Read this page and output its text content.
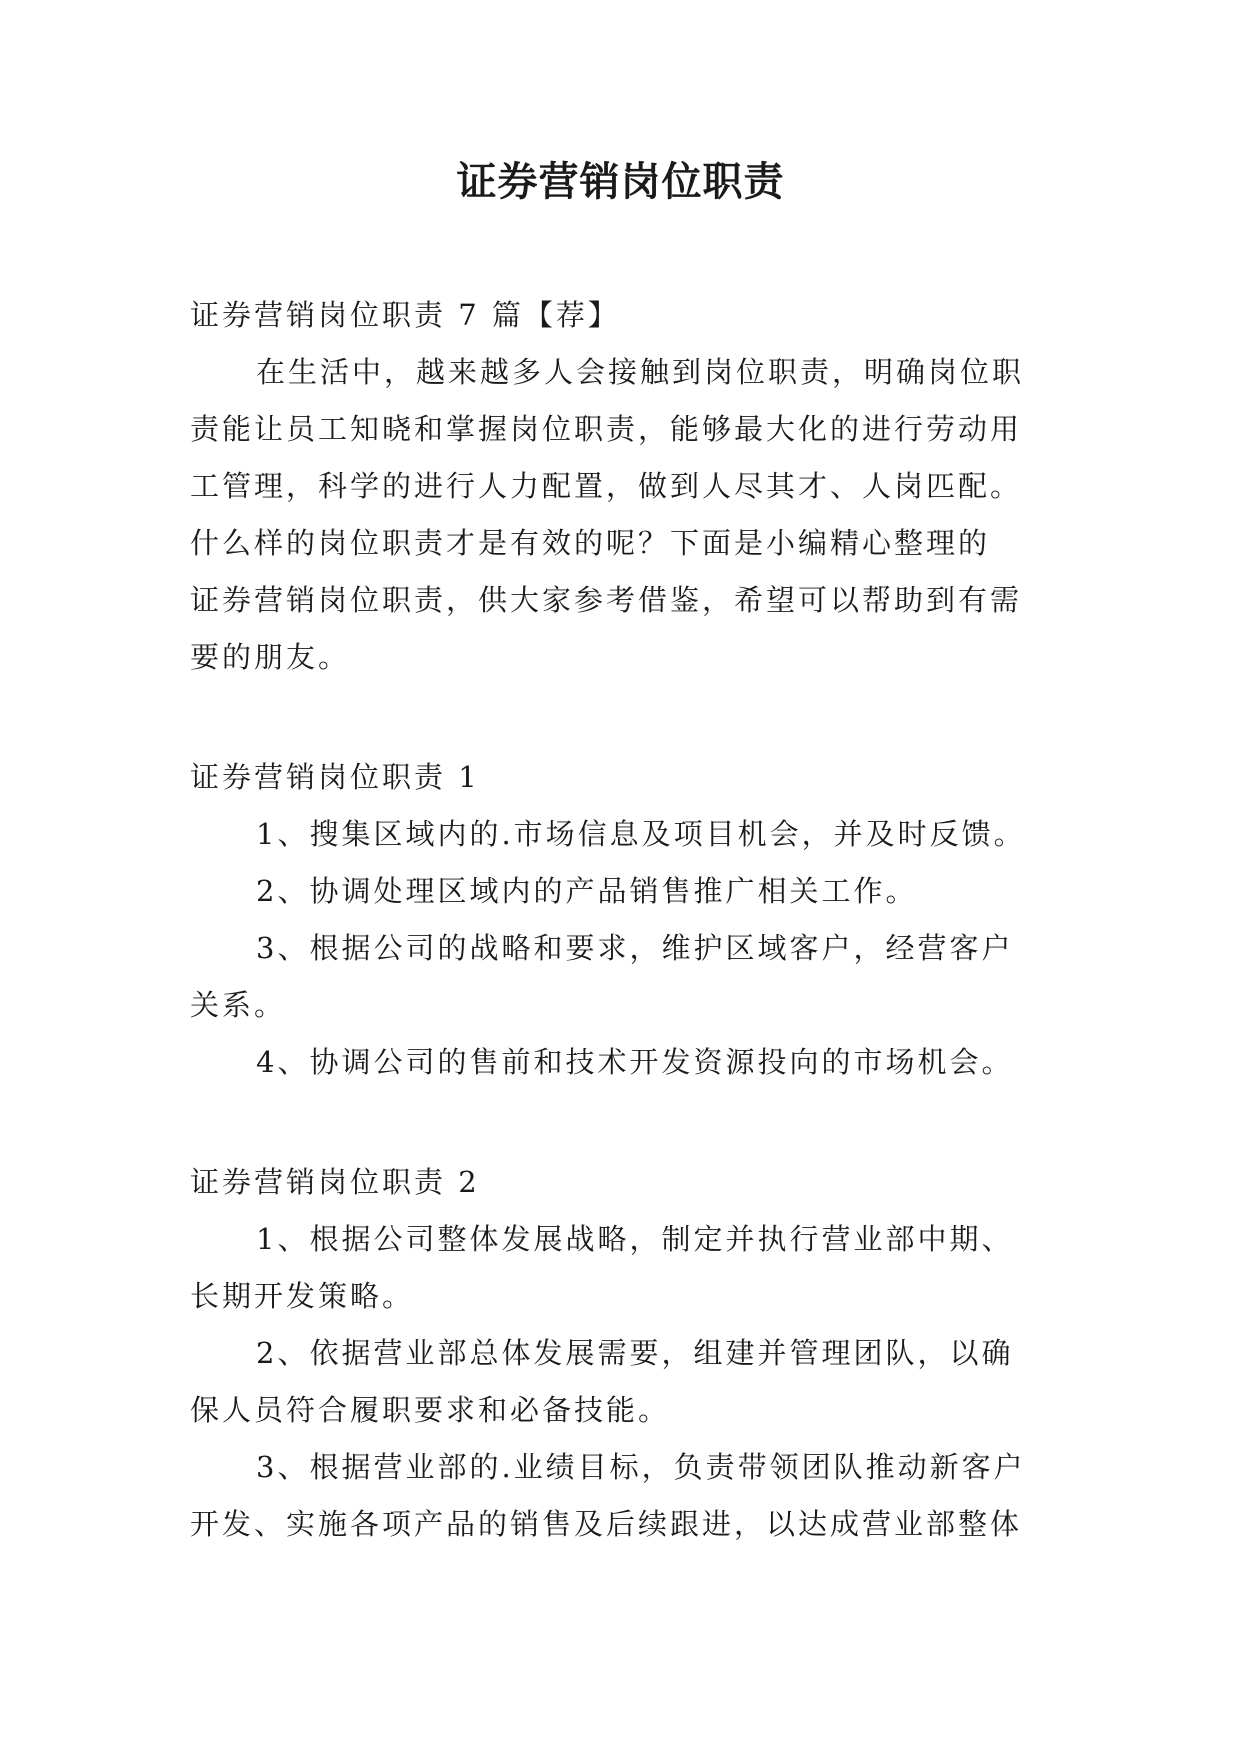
证券营销岗位职责

证券营销岗位职责 7 篇【荐】

在生活中，越来越多人会接触到岗位职责，明确岗位职

责能让员工知晓和掌握岗位职责，能够最大化的进行劳动用

工管理，科学的进行人力配置，做到人尽其才、人岗匹配。

什么样的岗位职责才是有效的呢？下面是小编精心整理的

证券营销岗位职责，供大家参考借鉴，希望可以帮助到有需

要的朋友。

证券营销岗位职责 1

1、搜集区域内的.市场信息及项目机会，并及时反馈。

2、协调处理区域内的产品销售推广相关工作。

3、根据公司的战略和要求，维护区域客户，经营客户

关系。

4、协调公司的售前和技术开发资源投向的市场机会。

证券营销岗位职责 2

1、根据公司整体发展战略，制定并执行营业部中期、

长期开发策略。

2、依据营业部总体发展需要，组建并管理团队，以确

保人员符合履职要求和必备技能。

3、根据营业部的.业绩目标，负责带领团队推动新客户

开发、实施各项产品的销售及后续跟进，以达成营业部整体
